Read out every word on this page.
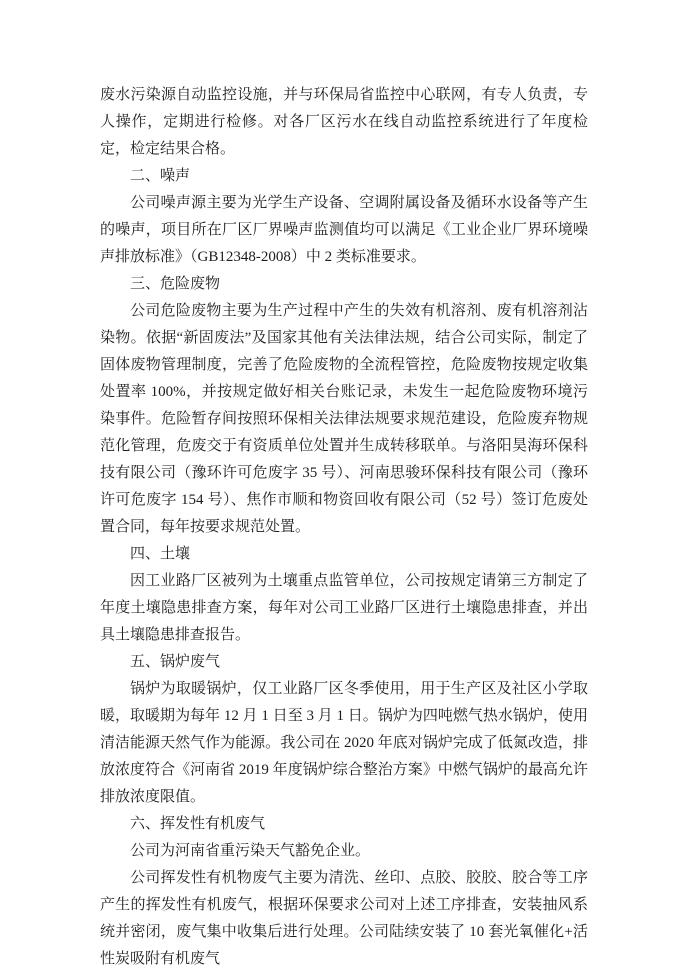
废水污染源自动监控设施，并与环保局省监控中心联网，有专人负责，专人操作，定期进行检修。对各厂区污水在线自动监控系统进行了年度检定，检定结果合格。

二、噪声

公司噪声源主要为光学生产设备、空调附属设备及循环水设备等产生的噪声，项目所在厂区厂界噪声监测值均可以满足《工业企业厂界环境噪声排放标准》（GB12348-2008）中 2 类标准要求。

三、危险废物

公司危险废物主要为生产过程中产生的失效有机溶剂、废有机溶剂沾染物。依据“新固废法”及国家其他有关法律法规，结合公司实际，制定了固体废物管理制度，完善了危险废物的全流程管控，危险废物按规定收集处置率 100%，并按规定做好相关台账记录，未发生一起危险废物环境污染事件。危险暂存间按照环保相关法律法规要求规范建设，危险废弃物规范化管理，危废交于有资质单位处置并生成转移联单。与洛阳昊海环保科技有限公司（豫环许可危废字 35 号）、河南思骏环保科技有限公司（豫环许可危废字 154 号）、焦作市顺和物资回收有限公司（52 号）签订危废处置合同，每年按要求规范处置。

四、土壤

因工业路厂区被列为土壤重点监管单位，公司按规定请第三方制定了年度土壤隐患排查方案，每年对公司工业路厂区进行土壤隐患排查，并出具土壤隐患排查报告。

五、锅炉废气

锅炉为取暖锅炉，仅工业路厂区冬季使用，用于生产区及社区小学取暖，取暖期为每年 12 月 1 日至 3 月 1 日。锅炉为四吨燃气热水锅炉，使用清洁能源天然气作为能源。我公司在 2020 年底对锅炉完成了低氮改造，排放浓度符合《河南省 2019 年度锅炉综合整治方案》中燃气锅炉的最高允许排放浓度限值。

六、挥发性有机废气

公司为河南省重污染天气豁免企业。

公司挥发性有机物废气主要为清洗、丝印、点胶、胶胶、胶合等工序产生的挥发性有机废气，根据环保要求公司对上述工序排查，安装抽风系统并密闭，废气集中收集后进行处理。公司陆续安装了 10 套光氧催化+活性炭吸附有机废气
